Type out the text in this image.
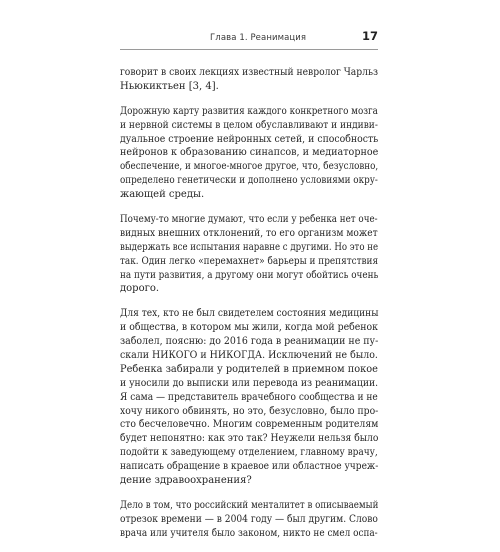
Глава 1. Реанимация	17

говорит в своих лекциях известный невролог Чарльз
Ньюкиктьен [3, 4].

Дорожную карту развития каждого конкретного мозга
и нервной системы в целом обуславливают и индиви-
дуальное строение нейронных сетей, и способность
нейронов к образованию синапсов, и медиаторное
обеспечение, и многое-многое другое, что, безусловно,
определено генетически и дополнено условиями окру-
жающей среды.

Почему-то многие думают, что если у ребенка нет оче-
видных внешних отклонений, то его организм может
выдержать все испытания наравне с другими. Но это не
так. Один легко «перемахнет» барьеры и препятствия
на пути развития, а другому они могут обойтись очень
дорого.

Для тех, кто не был свидетелем состояния медицины
и общества, в котором мы жили, когда мой ребенок
заболел, поясню: до 2016 года в реанимации не пу-
скали НИКОГО и НИКОГДА. Исключений не было.
Ребенка забирали у родителей в приемном покое
и уносили до выписки или перевода из реанимации.
Я сама — представитель врачебного сообщества и не
хочу никого обвинять, но это, безусловно, было про-
сто бесчеловечно. Многим современным родителям
будет непонятно: как это так? Неужели нельзя было
подойти к заведующему отделением, главному врачу,
написать обращение в краевое или областное учреж-
дение здравоохранения?

Дело в том, что российский менталитет в описываемый
отрезок времени — в 2004 году — был другим. Слово
врача или учителя было законом, никто не смел оспа-
